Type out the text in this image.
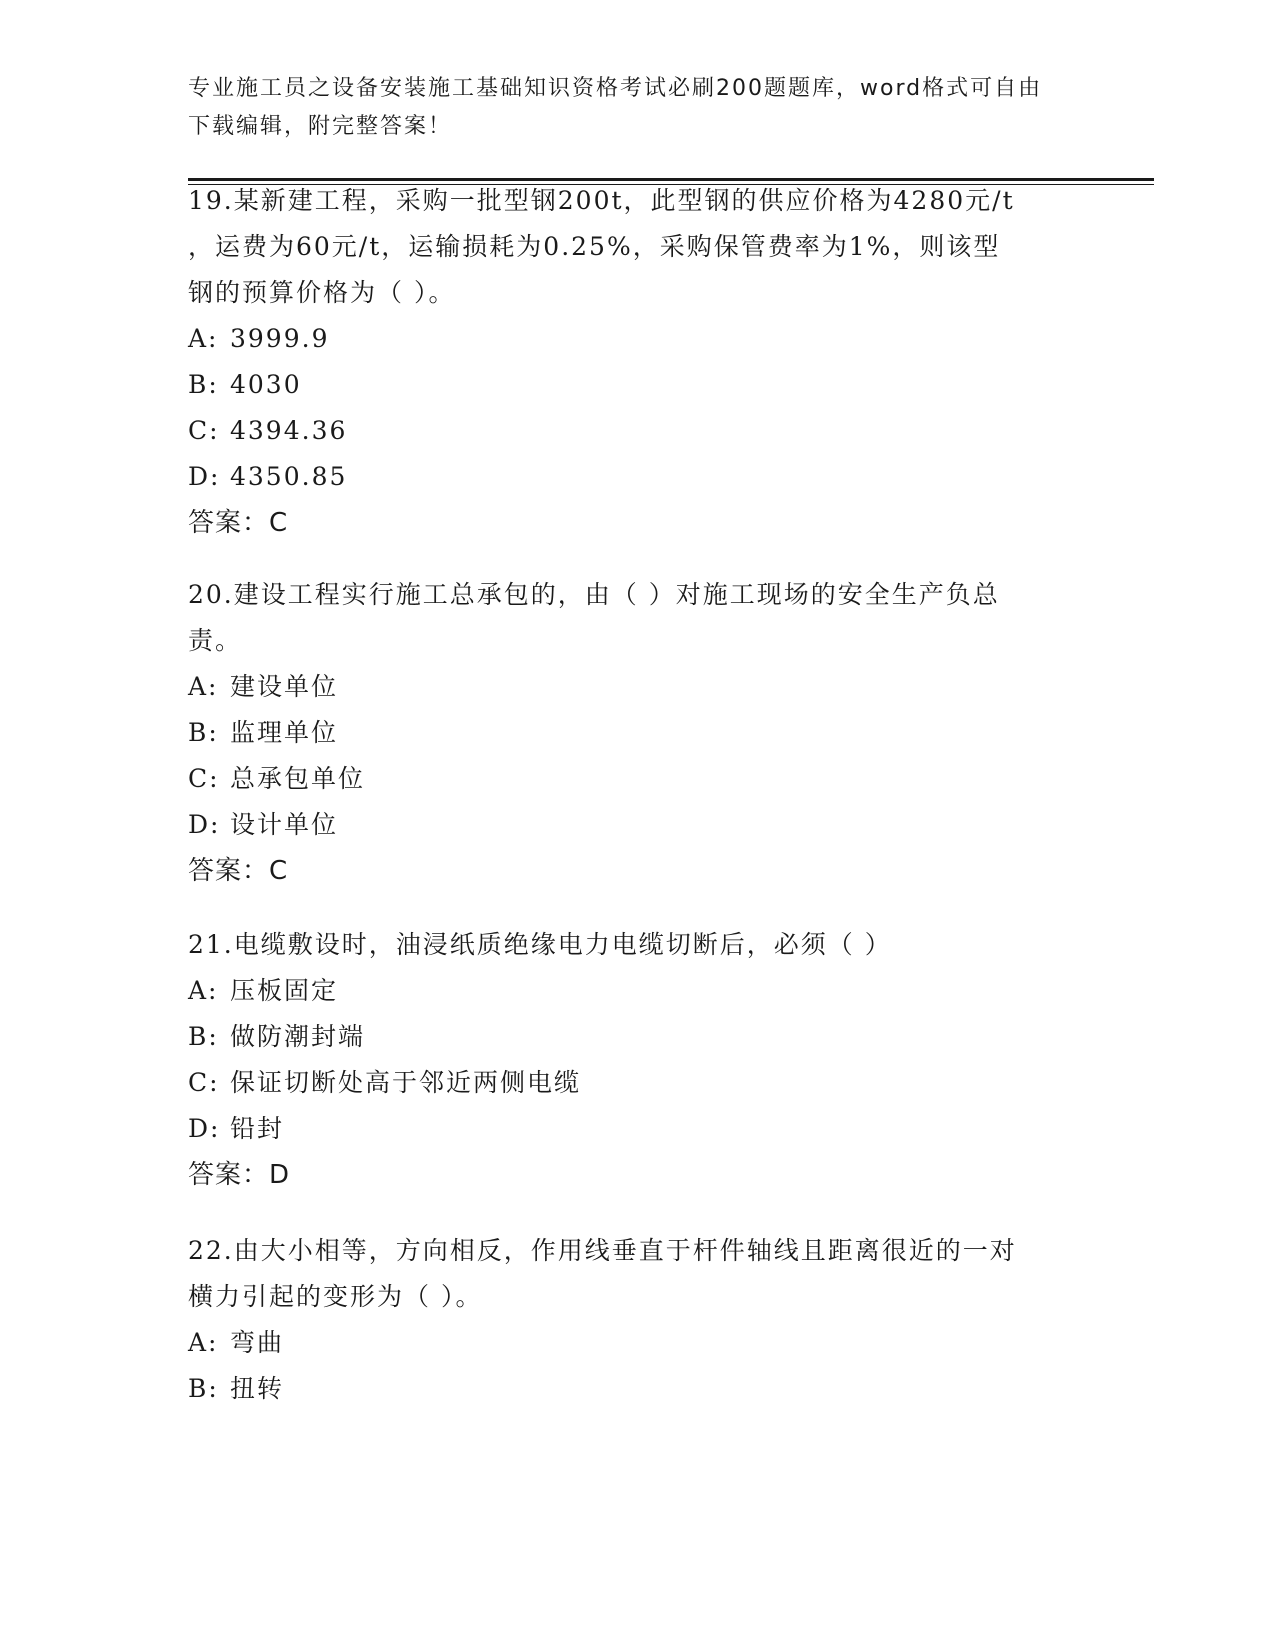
专业施工员之设备安装施工基础知识资格考试必刷200题题库，word格式可自由
下载编辑，附完整答案！
19.某新建工程，采购一批型钢200t，此型钢的供应价格为4280元/t
，运费为60元/t，运输损耗为0.25%，采购保管费率为1%，则该型
钢的预算价格为（ ）。
A: 3999.9
B: 4030
C: 4394.36
D: 4350.85
答案：C
20.建设工程实行施工总承包的，由（ ）对施工现场的安全生产负总
责。
A: 建设单位
B: 监理单位
C: 总承包单位
D: 设计单位
答案：C
21.电缆敷设时，油浸纸质绝缘电力电缆切断后，必须（ ）
A: 压板固定
B: 做防潮封端
C: 保证切断处高于邻近两侧电缆
D: 铅封
答案：D
22.由大小相等，方向相反，作用线垂直于杆件轴线且距离很近的一对
横力引起的变形为（ ）。
A: 弯曲
B: 扭转
